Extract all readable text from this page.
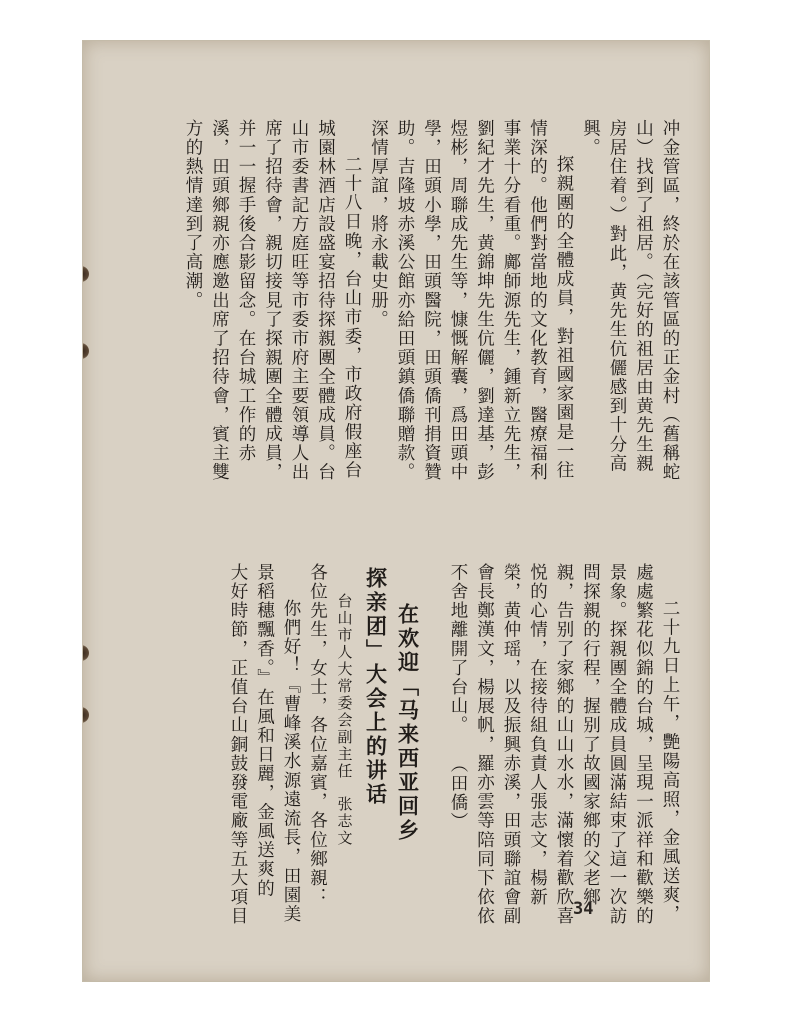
冲金管區，終於在該管區的正金村（舊稱蛇
山）找到了祖居。（完好的祖居由黄先生親
房居住着。）對此，黄先生伉儷感到十分高
興。
探親團的全體成員，對祖國家園是一往
情深的。他們對當地的文化教育，醫療福利
事業十分看重。鄺師源先生，鍾新立先生，
劉紀才先生，黄錦坤先生伉儷，劉達基，彭
煜彬，周聯成先生等，慷慨解囊，爲田頭中
學，田頭小學，田頭醫院，田頭僑刊捐資贊
助。吉隆坡赤溪公館亦給田頭鎮僑聯贈款。
深情厚誼，將永載史册。
二十八日晚，台山市委，市政府假座台
城園林酒店設盛宴招待探親團全體成員。台
山市委書記方庭旺等市委市府主要領導人出
席了招待會，親切接見了探親團全體成員，
并一一握手後合影留念。在台城工作的赤
溪，田頭鄉親亦應邀出席了招待會，賓主雙
方的熱情達到了高潮。
二十九日上午，艷陽高照，金風送爽，
處處繁花似錦的台城，呈現一派祥和歡樂的
景象。探親團全體成員圓滿結束了這一次訪
問探親的行程，握别了故國家鄉的父老鄉
親，告别了家鄉的山山水水，滿懷着歡欣喜
悦的心情，在接待組負責人張志文，楊新
榮，黄仲瑶，以及振興赤溪，田頭聯誼會副
會長鄭漢文，楊展帆，羅亦雲等陪同下依依
不舍地離開了台山。（田僑）
在欢迎「马来西亚回乡
探亲团」大会上的讲话
台山市人大常委会副主任张志文
各位先生，女士，各位嘉賓，各位鄉親：
你們好！『曹峰溪水源遠流長，田園美
景稻穗飄香。』在風和日麗，金風送爽的
大好時節，正值台山銅鼓發電廠等五大項目	34
